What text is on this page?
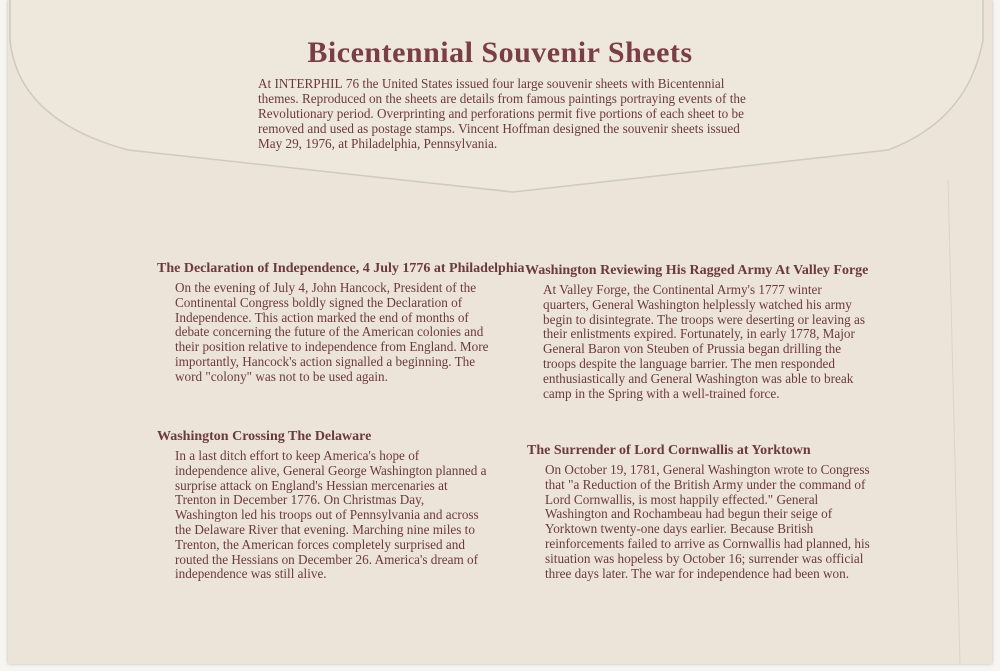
Bicentennial Souvenir Sheets
At INTERPHIL 76 the United States issued four large souvenir sheets with Bicentennial themes. Reproduced on the sheets are details from famous paintings portraying events of the Revolutionary period. Overprinting and perforations permit five portions of each sheet to be removed and used as postage stamps. Vincent Hoffman designed the souvenir sheets issued May 29, 1976, at Philadelphia, Pennsylvania.
The Declaration of Independence, 4 July 1776 at Philadelphia

On the evening of July 4, John Hancock, President of the Continental Congress boldly signed the Declaration of Independence. This action marked the end of months of debate concerning the future of the American colonies and their position relative to independence from England. More importantly, Hancock's action signalled a beginning. The word "colony" was not to be used again.

Washington Reviewing His Ragged Army At Valley Forge

At Valley Forge, the Continental Army's 1777 winter quarters, General Washington helplessly watched his army begin to disintegrate. The troops were deserting or leaving as their enlistments expired. Fortunately, in early 1778, Major General Baron von Steuben of Prussia began drilling the troops despite the language barrier. The men responded enthusiastically and General Washington was able to break camp in the Spring with a well-trained force.

Washington Crossing The Delaware

In a last ditch effort to keep America's hope of independence alive, General George Washington planned a surprise attack on England's Hessian mercenaries at Trenton in December 1776. On Christmas Day, Washington led his troops out of Pennsylvania and across the Delaware River that evening. Marching nine miles to Trenton, the American forces completely surprised and routed the Hessians on December 26. America's dream of independence was still alive.

The Surrender of Lord Cornwallis at Yorktown

On October 19, 1781, General Washington wrote to Congress that "a Reduction of the British Army under the command of Lord Cornwallis, is most happily effected." General Washington and Rochambeau had begun their seige of Yorktown twenty-one days earlier. Because British reinforcements failed to arrive as Cornwallis had planned, his situation was hopeless by October 16; surrender was official three days later. The war for independence had been won.
